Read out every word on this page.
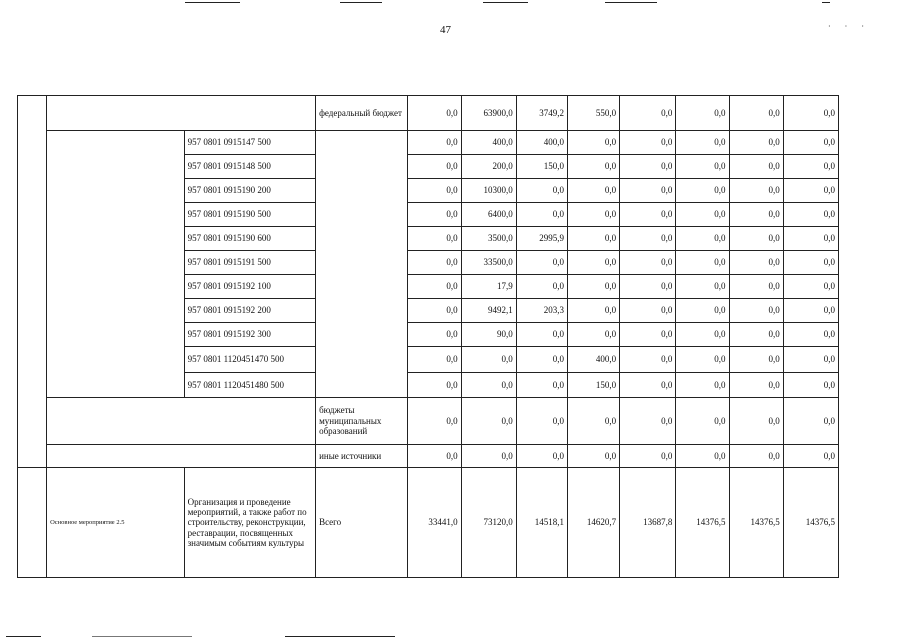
47	· · ·
			федеральный бюджет	0,0	63900,0	3749,2	550,0	0,0	0,0	0,0	0,0
		957 0801 0915147 500		0,0	400,0	400,0	0,0	0,0	0,0	0,0	0,0
		957 0801 0915148 500		0,0	200,0	150,0	0,0	0,0	0,0	0,0	0,0
		957 0801 0915190 200		0,0	10300,0	0,0	0,0	0,0	0,0	0,0	0,0
		957 0801 0915190 500		0,0	6400,0	0,0	0,0	0,0	0,0	0,0	0,0
		957 0801 0915190 600		0,0	3500,0	2995,9	0,0	0,0	0,0	0,0	0,0
		957 0801 0915191 500		0,0	33500,0	0,0	0,0	0,0	0,0	0,0	0,0
		957 0801 0915192 100		0,0	17,9	0,0	0,0	0,0	0,0	0,0	0,0
		957 0801 0915192 200		0,0	9492,1	203,3	0,0	0,0	0,0	0,0	0,0
		957 0801 0915192 300		0,0	90,0	0,0	0,0	0,0	0,0	0,0	0,0
		957 0801 1120451470 500		0,0	0,0	0,0	400,0	0,0	0,0	0,0	0,0
		957 0801 1120451480 500		0,0	0,0	0,0	150,0	0,0	0,0	0,0	0,0
			бюджеты муниципальных образований	0,0	0,0	0,0	0,0	0,0	0,0	0,0	0,0
			иные источники	0,0	0,0	0,0	0,0	0,0	0,0	0,0	0,0
	Основное мероприятие 2.5	Организация и проведение мероприятий, а также работ по строительству, реконструкции, реставрации, посвященных значимым событиям культуры	Всего	33441,0	73120,0	14518,1	14620,7	13687,8	14376,5	14376,5	14376,5
